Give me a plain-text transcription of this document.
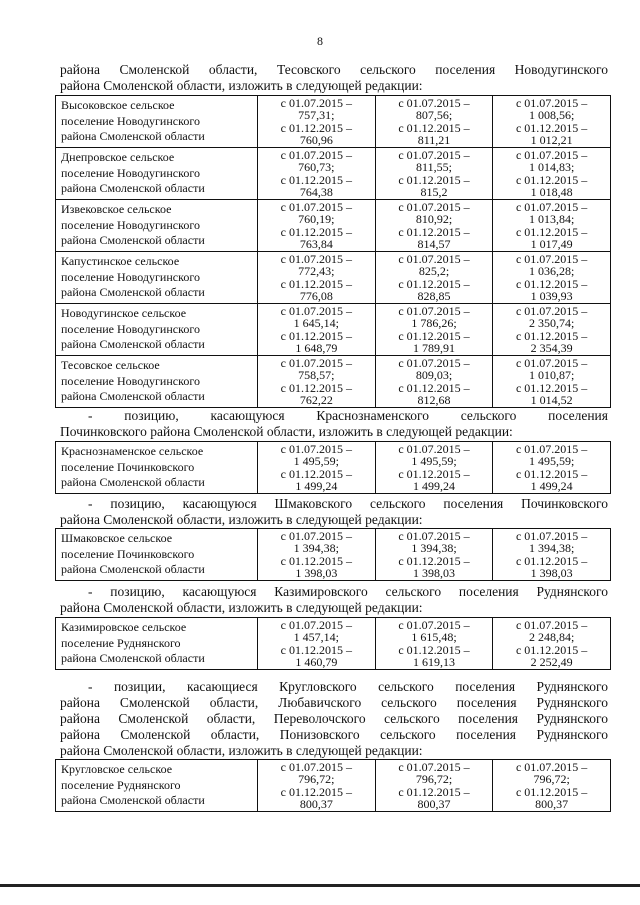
8

района Смоленской области, Тесовского сельского поселения Новодугинского
района Смоленской области, изложить в следующей редакции:

Высоковское сельское
поселение Новодугинского
района Смоленской области	с 01.07.2015 –
757,31;
с 01.12.2015 –
760,96	с 01.07.2015 –
807,56;
с 01.12.2015 –
811,21	с 01.07.2015 –
1 008,56;
с 01.12.2015 –
1 012,21
Днепровское сельское
поселение Новодугинского
района Смоленской области	с 01.07.2015 –
760,73;
с 01.12.2015 –
764,38	с 01.07.2015 –
811,55;
с 01.12.2015 –
815,2	с 01.07.2015 –
1 014,83;
с 01.12.2015 –
1 018,48
Извековское сельское
поселение Новодугинского
района Смоленской области	с 01.07.2015 –
760,19;
с 01.12.2015 –
763,84	с 01.07.2015 –
810,92;
с 01.12.2015 –
814,57	с 01.07.2015 –
1 013,84;
с 01.12.2015 –
1 017,49
Капустинское сельское
поселение Новодугинского
района Смоленской области	с 01.07.2015 –
772,43;
с 01.12.2015 –
776,08	с 01.07.2015 –
825,2;
с 01.12.2015 –
828,85	с 01.07.2015 –
1 036,28;
с 01.12.2015 –
1 039,93
Новодугинское сельское
поселение Новодугинского
района Смоленской области	с 01.07.2015 –
1 645,14;
с 01.12.2015 –
1 648,79	с 01.07.2015 –
1 786,26;
с 01.12.2015 –
1 789,91	с 01.07.2015 –
2 350,74;
с 01.12.2015 –
2 354,39
Тесовское сельское
поселение Новодугинского
района Смоленской области	с 01.07.2015 –
758,57;
с 01.12.2015 –
762,22	с 01.07.2015 –
809,03;
с 01.12.2015 –
812,68	с 01.07.2015 –
1 010,87;
с 01.12.2015 –
1 014,52

- позицию, касающуюся Краснознаменского сельского поселения
Починковского района Смоленской области, изложить в следующей редакции:

Краснознаменское сельское
поселение Починковского
района Смоленской области	с 01.07.2015 –
1 495,59;
с 01.12.2015 –
1 499,24	с 01.07.2015 –
1 495,59;
с 01.12.2015 –
1 499,24	с 01.07.2015 –
1 495,59;
с 01.12.2015 –
1 499,24

- позицию, касающуюся Шмаковского сельского поселения Починковского
района Смоленской области, изложить в следующей редакции:

Шмаковское сельское
поселение Починковского
района Смоленской области	с 01.07.2015 –
1 394,38;
с 01.12.2015 –
1 398,03	с 01.07.2015 –
1 394,38;
с 01.12.2015 –
1 398,03	с 01.07.2015 –
1 394,38;
с 01.12.2015 –
1 398,03

- позицию, касающуюся Казимировского сельского поселения Руднянского
района Смоленской области, изложить в следующей редакции:

Казимировское сельское
поселение Руднянского
района Смоленской области	с 01.07.2015 –
1 457,14;
с 01.12.2015 –
1 460,79	с 01.07.2015 –
1 615,48;
с 01.12.2015 –
1 619,13	с 01.07.2015 –
2 248,84;
с 01.12.2015 –
2 252,49

- позиции, касающиеся Кругловского сельского поселения Руднянского
района Смоленской области, Любавичского сельского поселения Руднянского
района Смоленской области, Переволочского сельского поселения Руднянского
района Смоленской области, Понизовского сельского поселения Руднянского
района Смоленской области, изложить в следующей редакции:

Кругловское сельское
поселение Руднянского
района Смоленской области	с 01.07.2015 –
796,72;
с 01.12.2015 –
800,37	с 01.07.2015 –
796,72;
с 01.12.2015 –
800,37	с 01.07.2015 –
796,72;
с 01.12.2015 –
800,37
